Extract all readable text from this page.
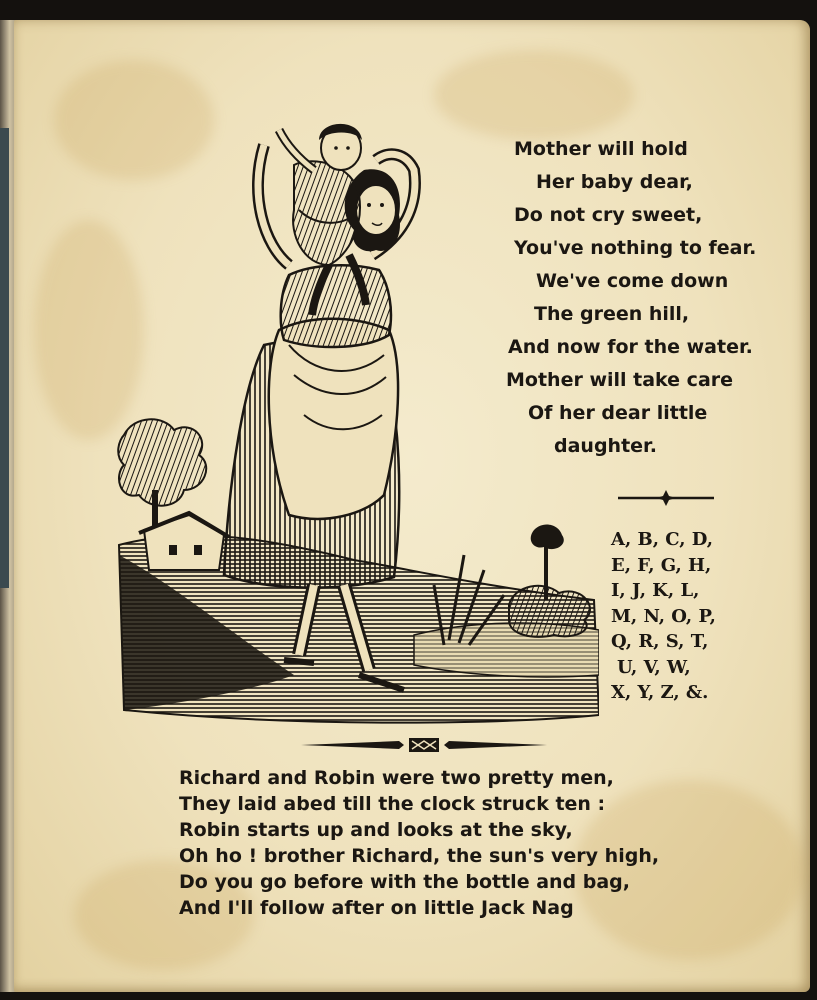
Mother will hold
Her baby dear,
Do not cry sweet,
You've nothing to fear.
We've come down
The green hill,
And now for the water.
Mother will take care
Of her dear little
daughter.
A, B, C, D,
E, F, G, H,
I, J, K, L,
M, N, O, P,
Q, R, S, T,
U, V, W,
X, Y, Z, &.
Richard and Robin were two pretty men,
They laid abed till the clock struck ten :
Robin starts up and looks at the sky,
Oh ho ! brother Richard, the sun's very high,
Do you go before with the bottle and bag,
And I'll follow after on little Jack Nag
